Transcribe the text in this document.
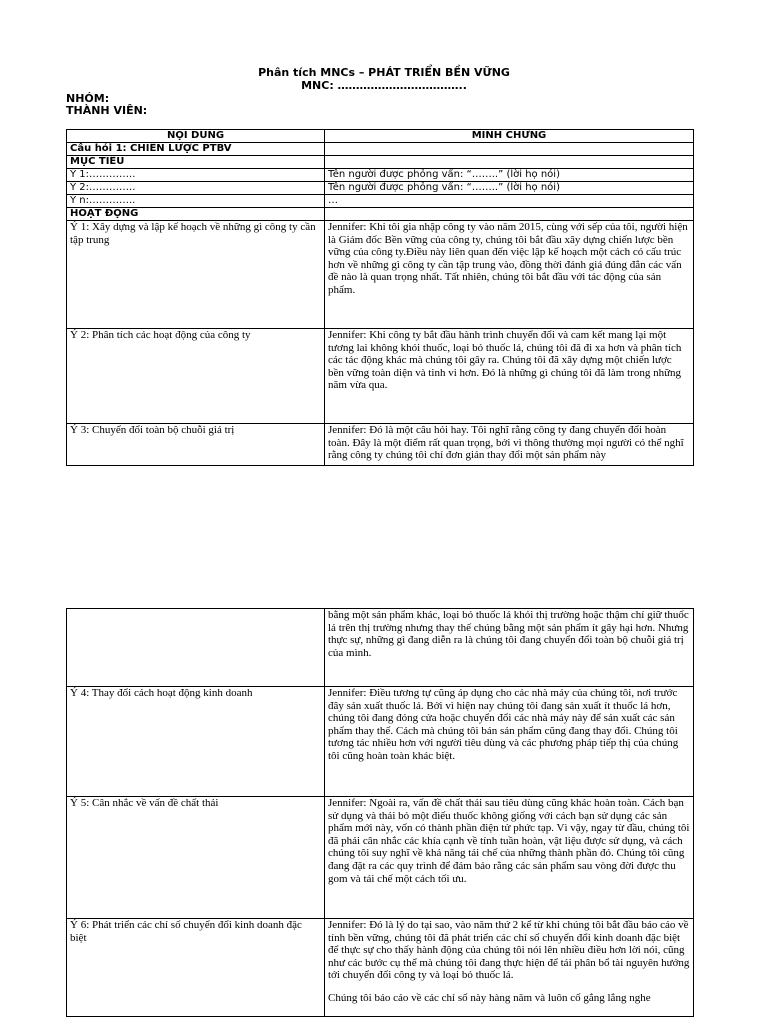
Phân tích MNCs – PHÁT TRIỂN BỀN VỮNG
MNC: ……………………………..
NHÓM:
THÀNH VIÊN:
NỘI DUNG	MINH CHỨNG
Câu hỏi 1: CHIẾN LƯỢC PTBV	
MỤC TIÊU	
Ý 1:…………..	Tên người được phỏng vấn: “……..” (lời họ nói)
Ý 2:…………..	Tên người được phỏng vấn: “……..” (lời họ nói)
Ý n:…………..	…
HOẠT ĐỘNG	
Ý 1: Xây dựng và lập kế hoạch về những gì công ty cần tập trung	Jennifer: Khi tôi gia nhập công ty vào năm 2015, cùng với sếp của tôi, người hiện là Giám đốc Bền vững của công ty, chúng tôi bắt đầu xây dựng chiến lược bền vững của công ty.Điều này liên quan đến việc lập kế hoạch một cách có cấu trúc hơn về những gì công ty cần tập trung vào, đồng thời đánh giá đúng đắn các vấn đề nào là quan trọng nhất. Tất nhiên, chúng tôi bắt đầu với tác động của sản phẩm.
Ý 2: Phân tích các hoạt động của công ty	Jennifer: Khi công ty bắt đầu hành trình chuyển đổi và cam kết mang lại một tương lai không khói thuốc, loại bỏ thuốc lá, chúng tôi đã đi xa hơn và phân tích các tác động khác mà chúng tôi gây ra. Chúng tôi đã xây dựng một chiến lược bền vững toàn diện và tinh vi hơn. Đó là những gì chúng tôi đã làm trong những năm vừa qua.
Ý 3: Chuyển đổi toàn bộ chuỗi giá trị	Jennifer: Đó là một câu hỏi hay. Tôi nghĩ rằng công ty đang chuyển đổi hoàn toàn. Đây là một điểm rất quan trọng, bởi vì thông thường mọi người có thể nghĩ rằng công ty chúng tôi chỉ đơn giản thay đổi một sản phẩm này
	bằng một sản phẩm khác, loại bỏ thuốc lá khỏi thị trường hoặc thậm chí giữ thuốc lá trên thị trường nhưng thay thế chúng bằng một sản phẩm ít gây hại hơn. Nhưng thực sự, những gì đang diễn ra là chúng tôi đang chuyển đổi toàn bộ chuỗi giá trị của mình.
Ý 4: Thay đổi cách hoạt động kinh doanh	Jennifer: Điều tương tự cũng áp dụng cho các nhà máy của chúng tôi, nơi trước đây sản xuất thuốc lá. Bởi vì hiện nay chúng tôi đang sản xuất ít thuốc lá hơn, chúng tôi đang đóng cửa hoặc chuyển đổi các nhà máy này để sản xuất các sản phẩm thay thế. Cách mà chúng tôi bán sản phẩm cũng đang thay đổi. Chúng tôi tương tác nhiều hơn với người tiêu dùng và các phương pháp tiếp thị của chúng tôi cũng hoàn toàn khác biệt.
Ý 5: Cân nhắc về vấn đề chất thải	Jennifer: Ngoài ra, vấn đề chất thải sau tiêu dùng cũng khác hoàn toàn. Cách bạn sử dụng và thải bỏ một điếu thuốc không giống với cách bạn sử dụng các sản phẩm mới này, vốn có thành phần điện tử phức tạp. Vì vậy, ngay từ đầu, chúng tôi đã phải cân nhắc các khía cạnh về tính tuần hoàn, vật liệu được sử dụng, và cách chúng tôi suy nghĩ về khả năng tái chế của những thành phần đó. Chúng tôi cũng đang đặt ra các quy trình để đảm bảo rằng các sản phẩm sau vòng đời được thu gom và tái chế một cách tối ưu.
Ý 6: Phát triển các chỉ số chuyển đổi kinh doanh đặc biệt	Jennifer: Đó là lý do tại sao, vào năm thứ 2 kể từ khi chúng tôi bắt đầu báo cáo về tính bền vững, chúng tôi đã phát triển các chỉ số chuyển đổi kinh doanh đặc biệt để thực sự cho thấy hành động của chúng tôi nói lên nhiều điều hơn lời nói, cũng như các bước cụ thể mà chúng tôi đang thực hiện để tái phân bổ tài nguyên hướng tới chuyển đổi công ty và loại bỏ thuốc lá.
Chúng tôi báo cáo về các chỉ số này hàng năm và luôn cố gắng lắng nghe
